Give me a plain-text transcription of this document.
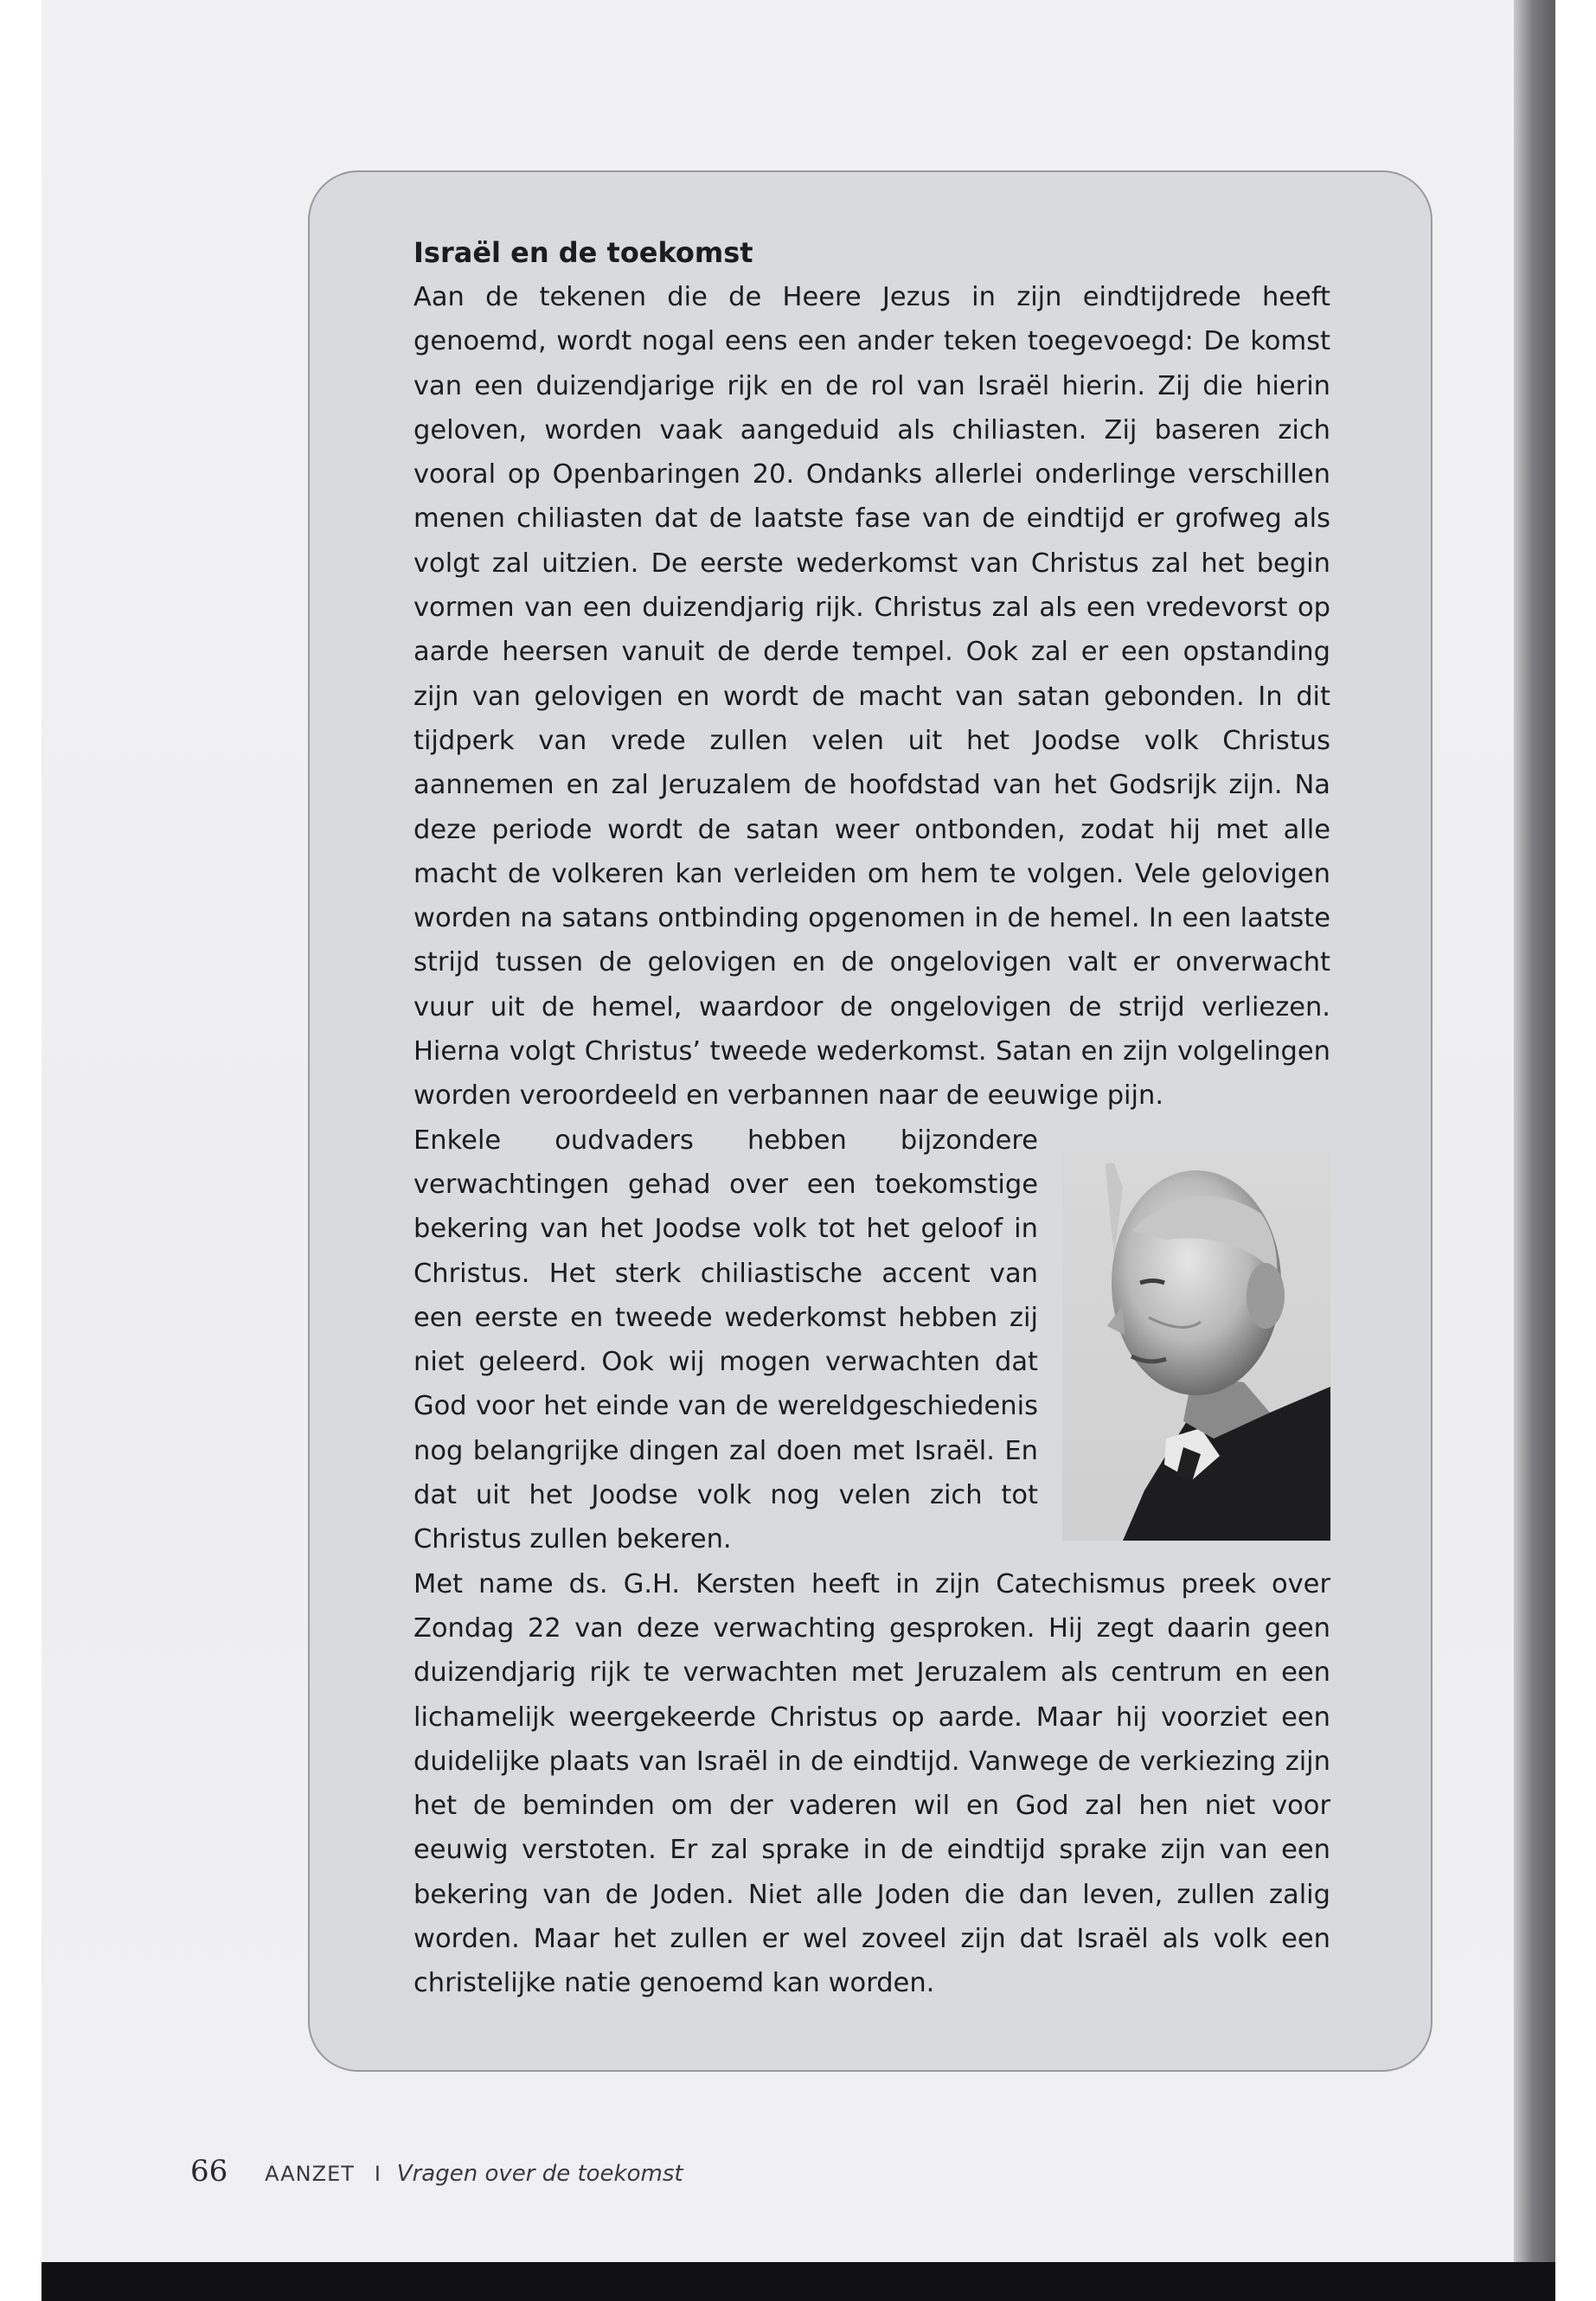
Israël en de toekomst

Aan de tekenen die de Heere Jezus in zijn eindtijdrede heeft genoemd, wordt nogal eens een ander teken toegevoegd: De komst van een duizendjarige rijk en de rol van Israël hierin. Zij die hierin geloven, worden vaak aangeduid als chiliasten. Zij baseren zich vooral op Openbaringen 20. Ondanks allerlei onderlinge verschillen menen chiliasten dat de laatste fase van de eindtijd er grofweg als volgt zal uitzien. De eerste wederkomst van Christus zal het begin vormen van een duizendjarig rijk. Christus zal als een vredevorst op aarde heersen vanuit de derde tempel. Ook zal er een opstanding zijn van gelovigen en wordt de macht van satan gebonden. In dit tijdperk van vrede zullen velen uit het Joodse volk Christus aannemen en zal Jeruzalem de hoofdstad van het Godsrijk zijn. Na deze periode wordt de satan weer ontbonden, zodat hij met alle macht de volkeren kan verleiden om hem te volgen. Vele gelovigen worden na satans ontbinding opgenomen in de hemel. In een laatste strijd tussen de gelovigen en de ongelovigen valt er onverwacht vuur uit de hemel, waardoor de ongelovigen de strijd verliezen. Hierna volgt Christus’ tweede wederkomst. Satan en zijn volgelingen worden veroordeeld en verbannen naar de eeuwige pijn.

Enkele oudvaders hebben bijzondere verwachtingen gehad over een toekomstige bekering van het Joodse volk tot het geloof in Christus. Het sterk chiliastische accent van een eerste en tweede wederkomst hebben zij niet geleerd. Ook wij mogen verwachten dat God voor het einde van de wereldgeschiedenis nog belangrijke dingen zal doen met Israël. En dat uit het Joodse volk nog velen zich tot Christus zullen bekeren.
Met name ds. G.H. Kersten heeft in zijn Catechismus preek over Zondag 22 van deze verwachting gesproken. Hij zegt daarin geen duizendjarig rijk te verwachten met Jeruzalem als centrum en een lichamelijk weergekeerde Christus op aarde. Maar hij voorziet een duidelijke plaats van Israël in de eindtijd. Vanwege de verkiezing zijn het de beminden om der vaderen wil en God zal hen niet voor eeuwig verstoten. Er zal sprake in de eindtijd sprake zijn van een bekering van de Joden. Niet alle Joden die dan leven, zullen zalig worden. Maar het zullen er wel zoveel zijn dat Israël als volk een christelijke natie genoemd kan worden.

66 AANZET I Vragen over de toekomst
